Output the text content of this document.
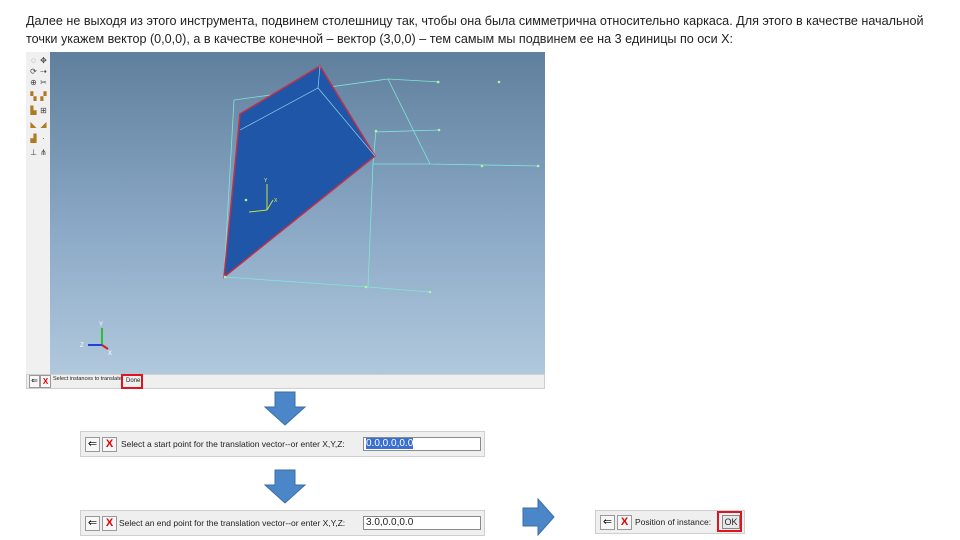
Далее не выходя из этого инструмента, подвинем столешницу так, чтобы она была симметрична относительно каркаса. Для этого в качестве начальной
точки укажем вектор (0,0,0), а в качестве конечной – вектор (3,0,0) – тем самым мы подвинем ее на 3 единицы по оси X:
◌ ✥
⟳ ⇢
⊕ ✂
▚ ▞
▙ ⊞
◣ ◢
▟ ·
⊥ ⋔
Y
X
Y
Z
X
⇐ X Select instances to translate Done
⇐ X Select a start point for the translation vector--or enter X,Y,Z:	0.0,0.0,0.0
⇐ X Select an end point for the translation vector--or enter X,Y,Z:	3.0,0.0,0.0	⇐ X Position of instance:	OK
